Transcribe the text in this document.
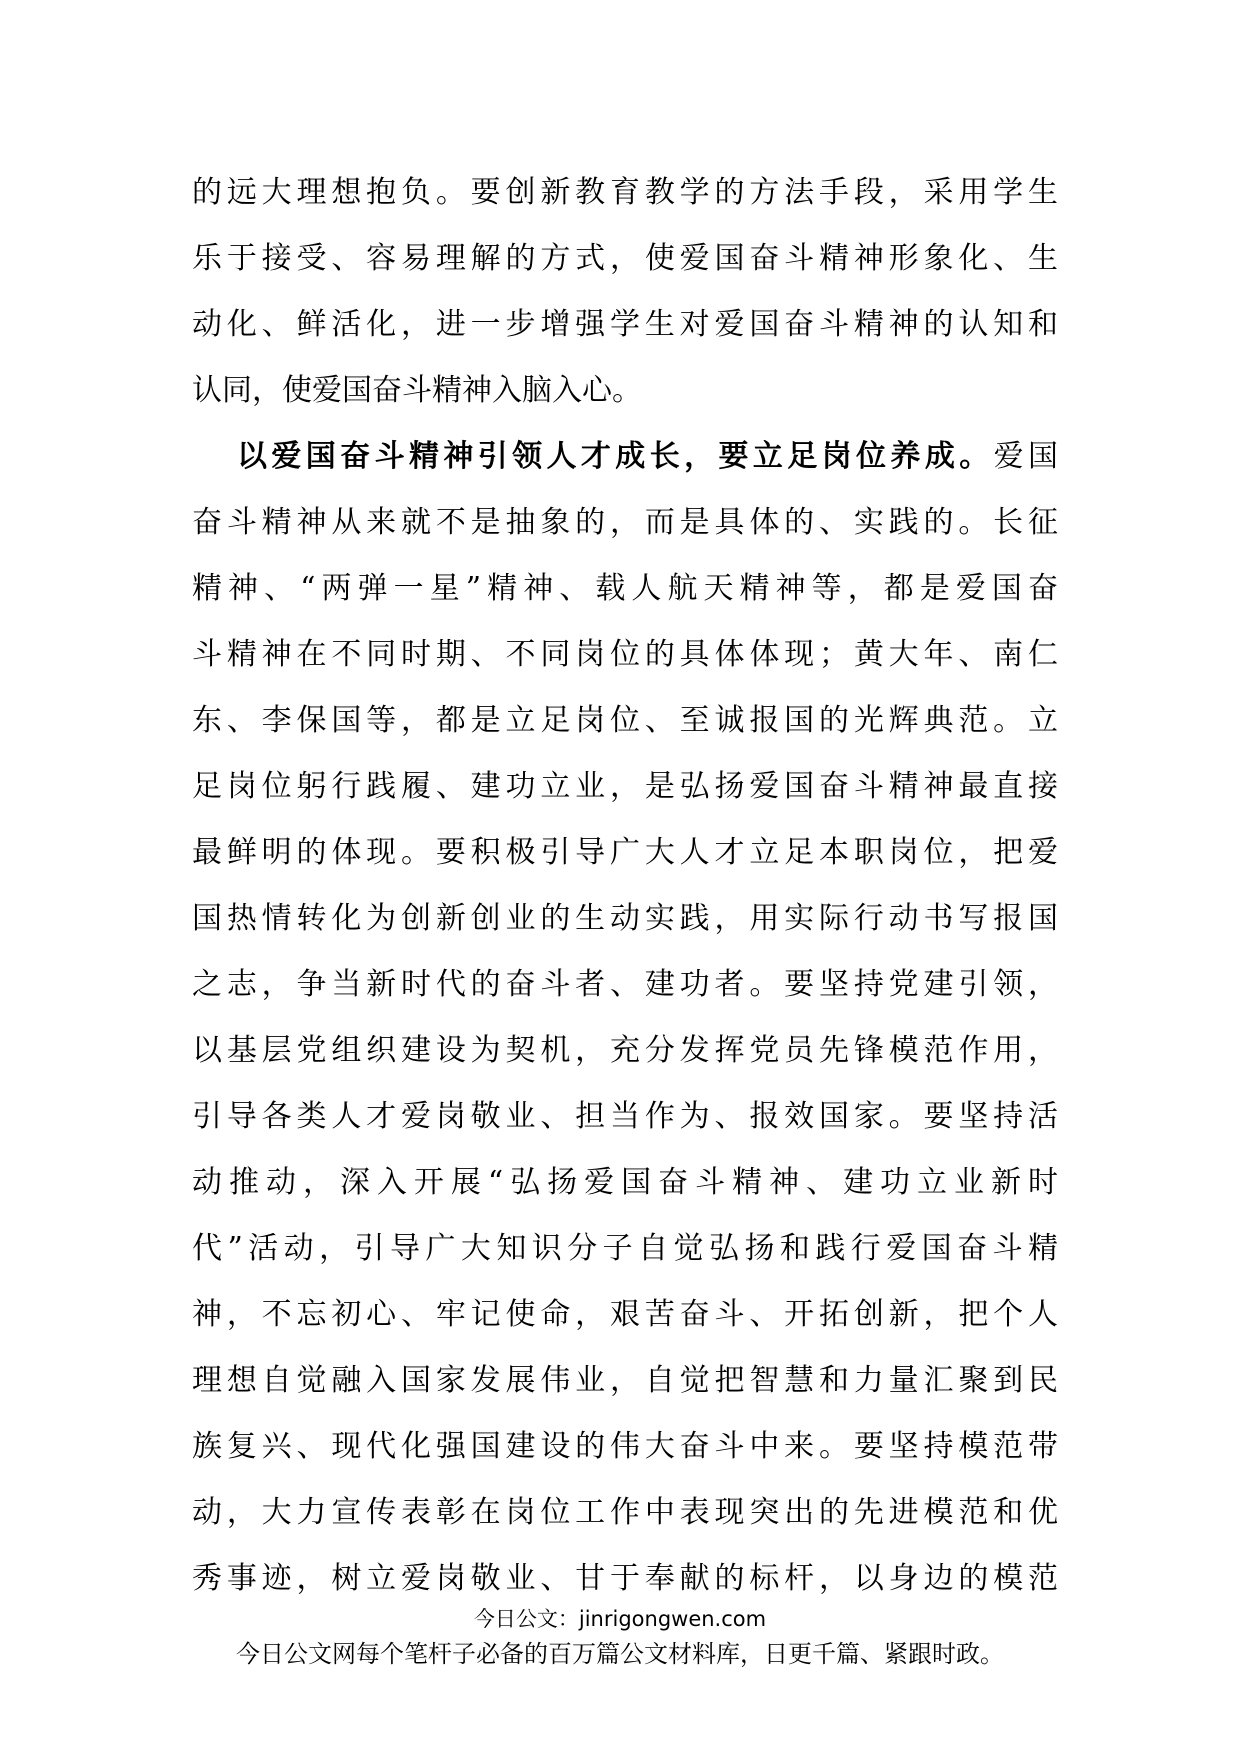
的远大理想抱负。要创新教育教学的方法手段，采用学生
乐于接受、容易理解的方式，使爱国奋斗精神形象化、生
动化、鲜活化，进一步增强学生对爱国奋斗精神的认知和
认同，使爱国奋斗精神入脑入心。
以爱国奋斗精神引领人才成长，要立足岗位养成。爱国
奋斗精神从来就不是抽象的，而是具体的、实践的。长征
精神、“两弹一星”精神、载人航天精神等，都是爱国奋
斗精神在不同时期、不同岗位的具体体现；黄大年、南仁
东、李保国等，都是立足岗位、至诚报国的光辉典范。立
足岗位躬行践履、建功立业，是弘扬爱国奋斗精神最直接
最鲜明的体现。要积极引导广大人才立足本职岗位，把爱
国热情转化为创新创业的生动实践，用实际行动书写报国
之志，争当新时代的奋斗者、建功者。要坚持党建引领，
以基层党组织建设为契机，充分发挥党员先锋模范作用，
引导各类人才爱岗敬业、担当作为、报效国家。要坚持活
动推动，深入开展“弘扬爱国奋斗精神、建功立业新时
代”活动，引导广大知识分子自觉弘扬和践行爱国奋斗精
神，不忘初心、牢记使命，艰苦奋斗、开拓创新，把个人
理想自觉融入国家发展伟业，自觉把智慧和力量汇聚到民
族复兴、现代化强国建设的伟大奋斗中来。要坚持模范带
动，大力宣传表彰在岗位工作中表现突出的先进模范和优
秀事迹，树立爱岗敬业、甘于奉献的标杆，以身边的模范
今日公文：jinrigongwen.com
今日公文网每个笔杆子必备的百万篇公文材料库，日更千篇、紧跟时政。
